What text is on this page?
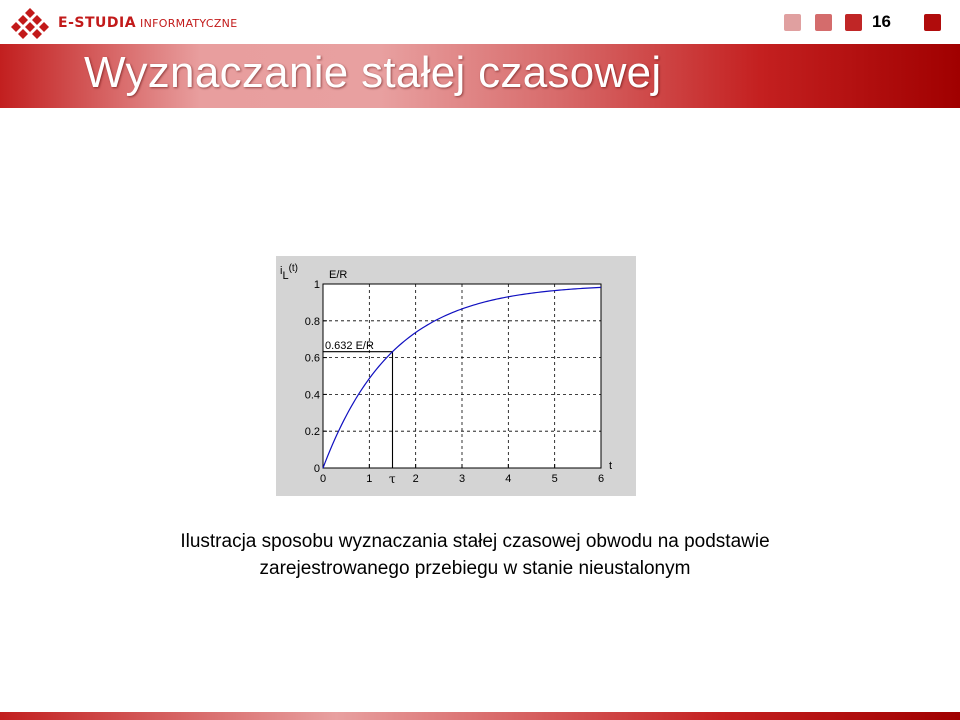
E-STUDIA INFORMATYCZNE	16
Wyznaczanie stałej czasowej
0	1	2	3	4	5	6
0
0.2
0.4
0.6
0.8
1
iL(t)
E/R
0.632 E/R
τ
t
Ilustracja sposobu wyznaczania stałej czasowej obwodu na podstawie
zarejestrowanego przebiegu w stanie nieustalonym
